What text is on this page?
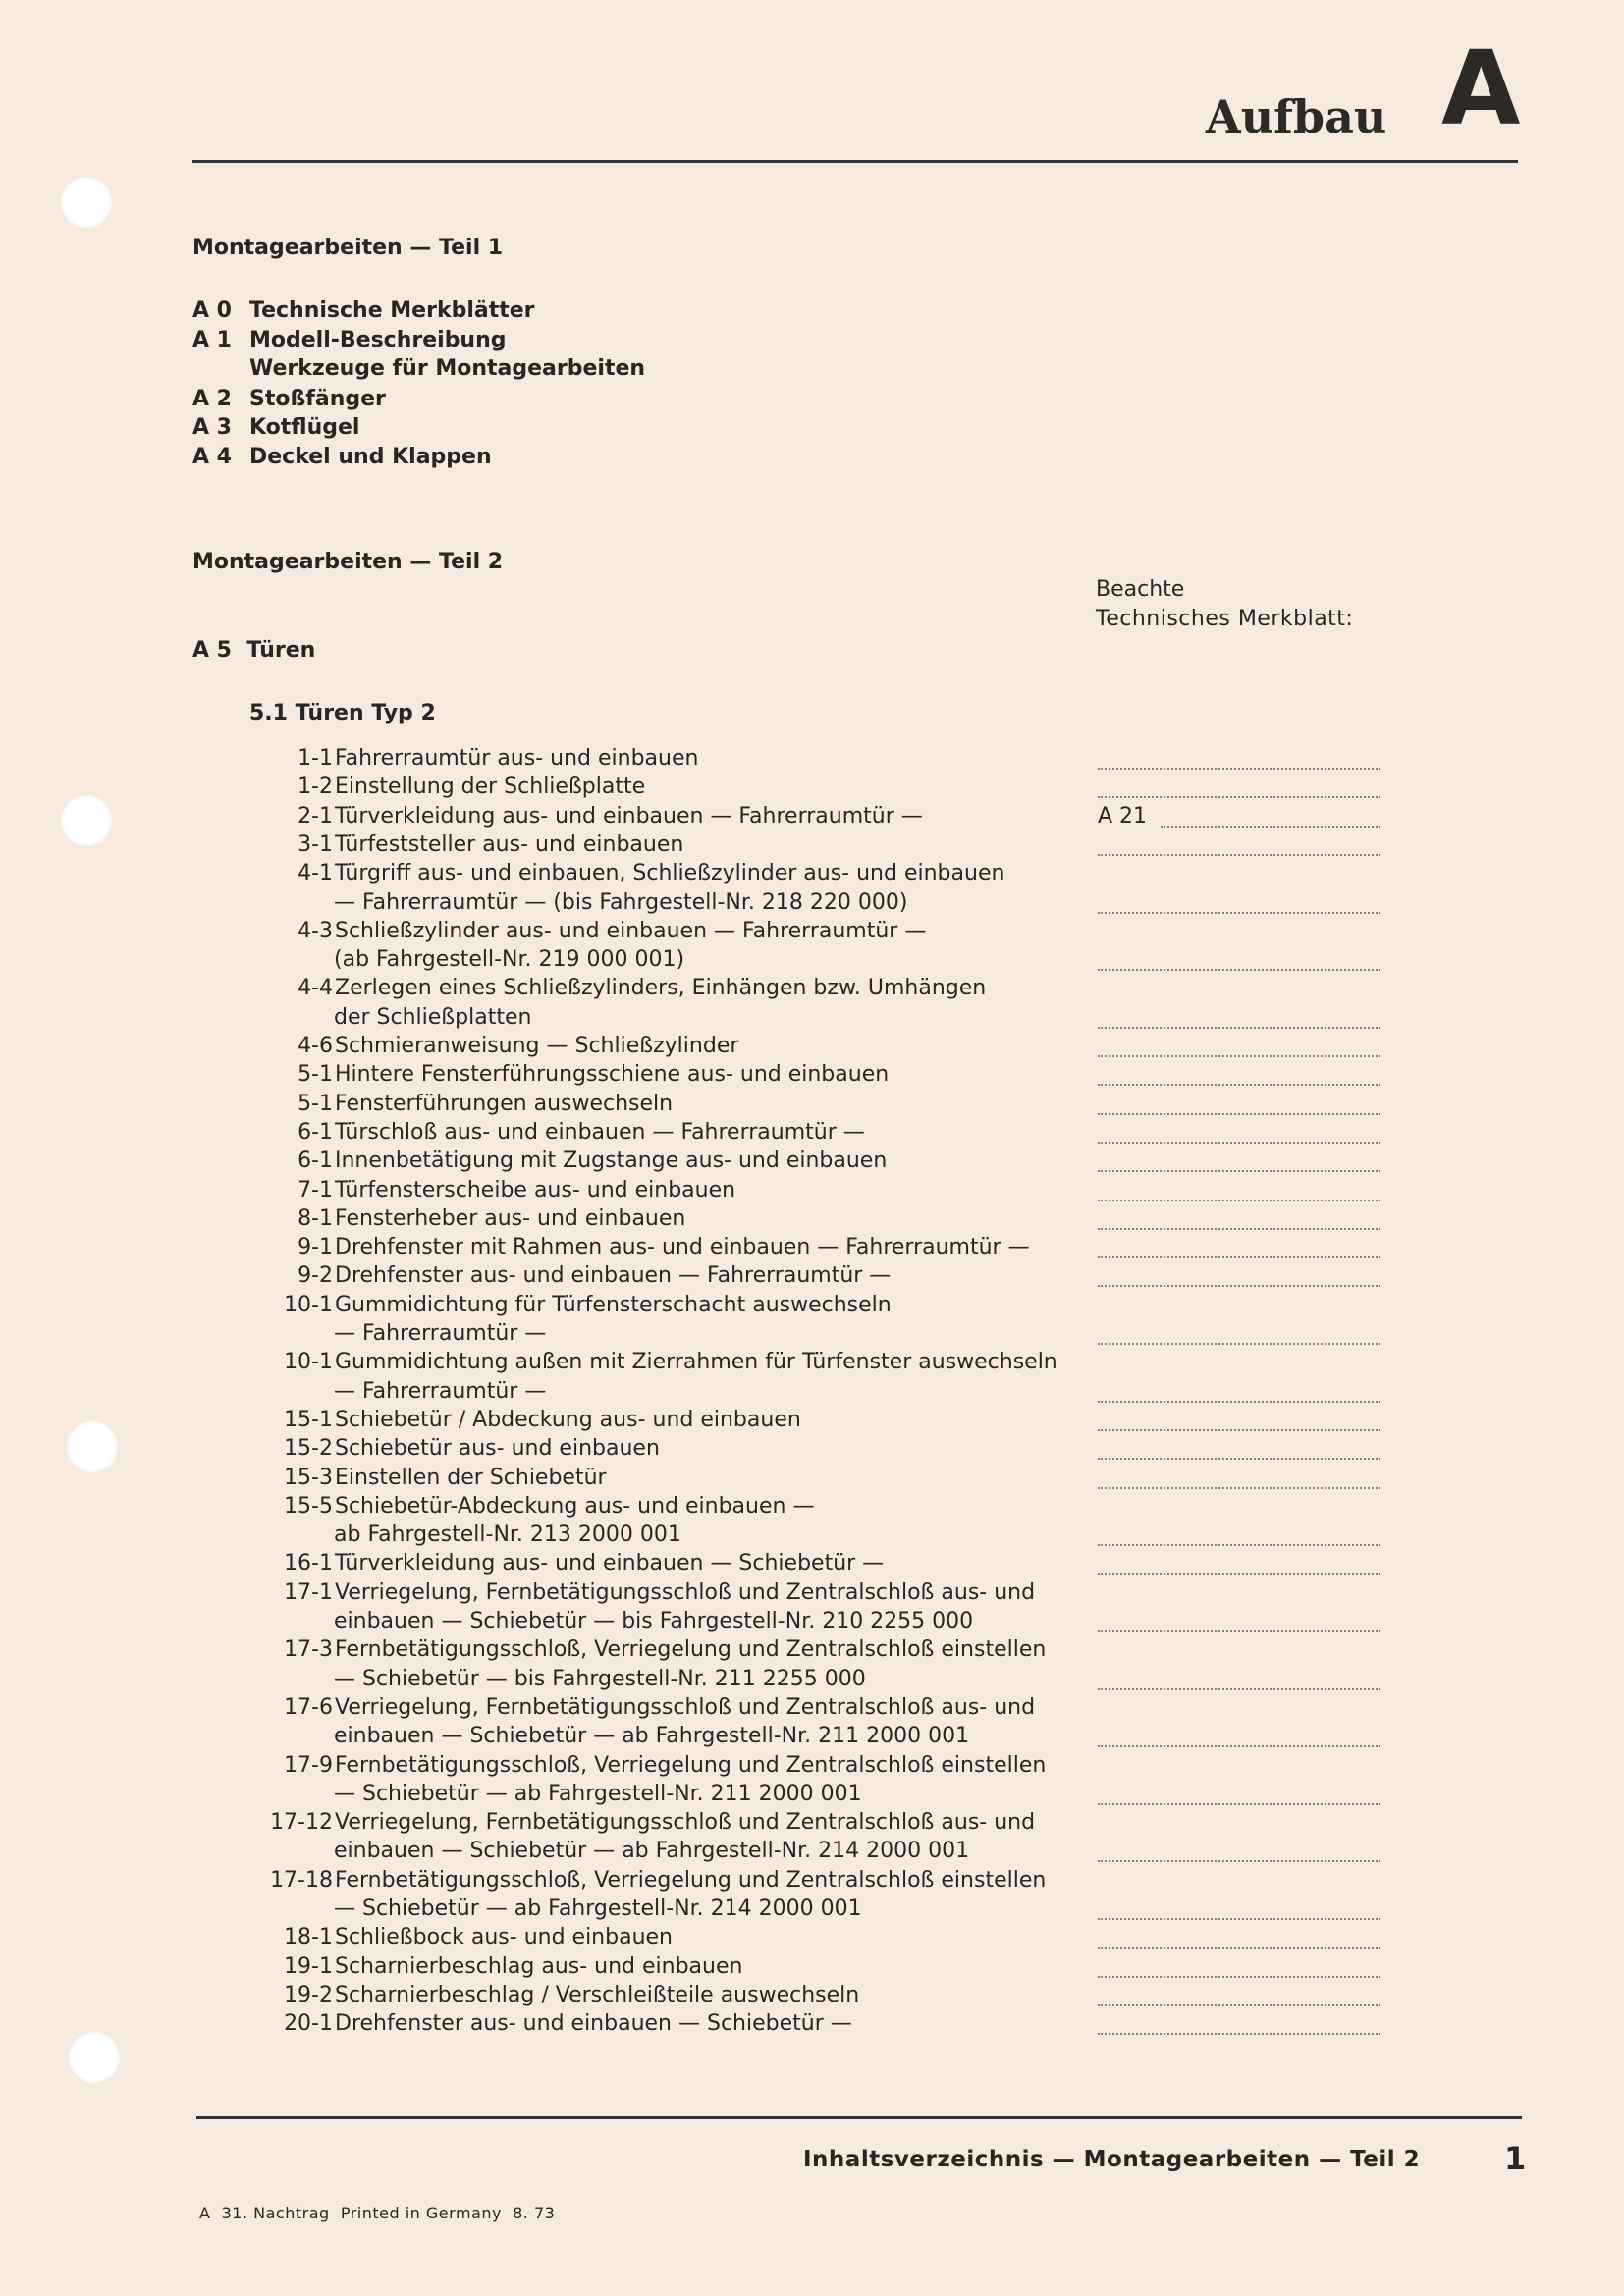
Aufbau A
Montagearbeiten — Teil 1
A 0 Technische Merkblätter
A 1 Modell-Beschreibung
Werkzeuge für Montagearbeiten
A 2 Stoßfänger
A 3 Kotflügel
A 4 Deckel und Klappen
Montagearbeiten — Teil 2
Beachte
Technisches Merkblatt:
A 5  Türen
5.1 Türen Typ 2
1-1 Fahrerraumtür aus- und einbauen
1-2 Einstellung der Schließplatte
2-1 Türverkleidung aus- und einbauen — Fahrerraumtür —	A 21
3-1 Türfeststeller aus- und einbauen
4-1 Türgriff aus- und einbauen, Schließzylinder aus- und einbauen
— Fahrerraumtür — (bis Fahrgestell-Nr. 218 220 000)
4-3 Schließzylinder aus- und einbauen — Fahrerraumtür —
(ab Fahrgestell-Nr. 219 000 001)
4-4 Zerlegen eines Schließzylinders, Einhängen bzw. Umhängen
der Schließplatten
4-6 Schmieranweisung — Schließzylinder
5-1 Hintere Fensterführungsschiene aus- und einbauen
5-1 Fensterführungen auswechseln
6-1 Türschloß aus- und einbauen — Fahrerraumtür —
6-1 Innenbetätigung mit Zugstange aus- und einbauen
7-1 Türfensterscheibe aus- und einbauen
8-1 Fensterheber aus- und einbauen
9-1 Drehfenster mit Rahmen aus- und einbauen — Fahrerraumtür —
9-2 Drehfenster aus- und einbauen — Fahrerraumtür —
10-1 Gummidichtung für Türfensterschacht auswechseln
— Fahrerraumtür —
10-1 Gummidichtung außen mit Zierrahmen für Türfenster auswechseln
— Fahrerraumtür —
15-1 Schiebetür / Abdeckung aus- und einbauen
15-2 Schiebetür aus- und einbauen
15-3 Einstellen der Schiebetür
15-5 Schiebetür-Abdeckung aus- und einbauen —
ab Fahrgestell-Nr. 213 2000 001
16-1 Türverkleidung aus- und einbauen — Schiebetür —
17-1 Verriegelung, Fernbetätigungsschloß und Zentralschloß aus- und
einbauen — Schiebetür — bis Fahrgestell-Nr. 210 2255 000
17-3 Fernbetätigungsschloß, Verriegelung und Zentralschloß einstellen
— Schiebetür — bis Fahrgestell-Nr. 211 2255 000
17-6 Verriegelung, Fernbetätigungsschloß und Zentralschloß aus- und
einbauen — Schiebetür — ab Fahrgestell-Nr. 211 2000 001
17-9 Fernbetätigungsschloß, Verriegelung und Zentralschloß einstellen
— Schiebetür — ab Fahrgestell-Nr. 211 2000 001
17-12 Verriegelung, Fernbetätigungsschloß und Zentralschloß aus- und
einbauen — Schiebetür — ab Fahrgestell-Nr. 214 2000 001
17-18 Fernbetätigungsschloß, Verriegelung und Zentralschloß einstellen
— Schiebetür — ab Fahrgestell-Nr. 214 2000 001
18-1 Schließbock aus- und einbauen
19-1 Scharnierbeschlag aus- und einbauen
19-2 Scharnierbeschlag / Verschleißteile auswechseln
20-1 Drehfenster aus- und einbauen — Schiebetür —
Inhaltsverzeichnis — Montagearbeiten — Teil 2	1
A  31. Nachtrag  Printed in Germany  8. 73
